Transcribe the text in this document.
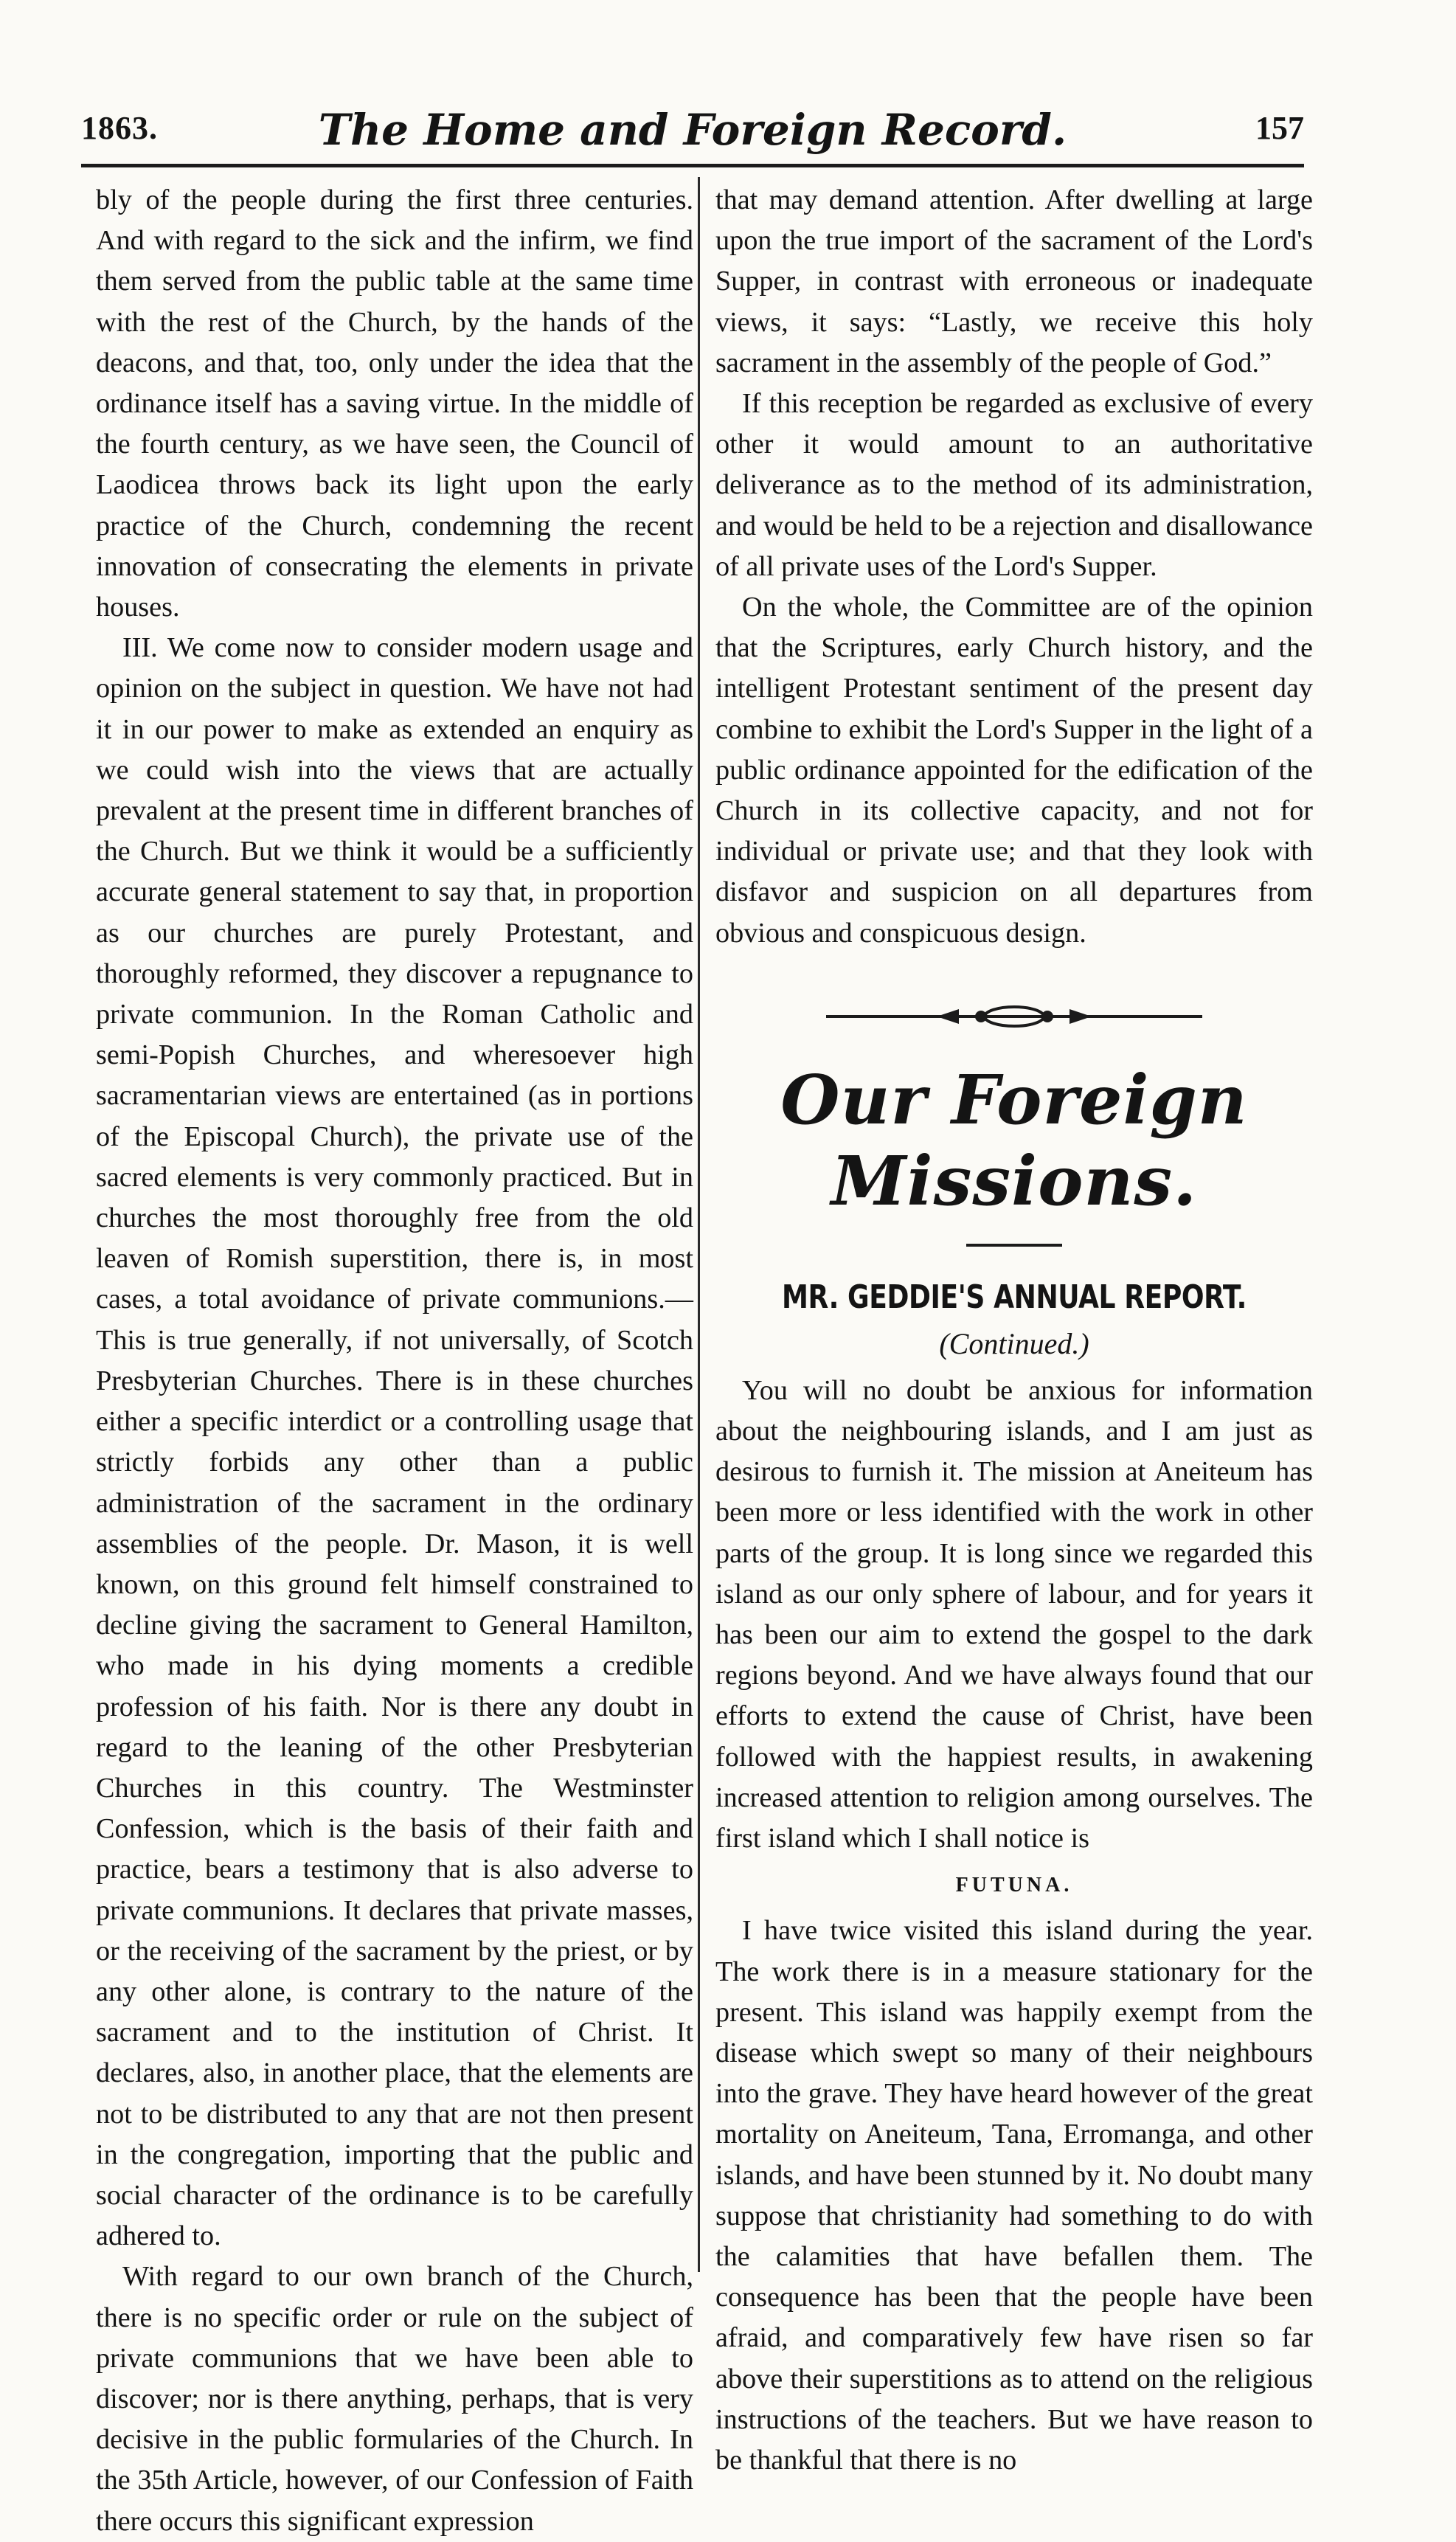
1863.	The Home and Foreign Record.	157

bly of the people during the first three centuries. And with regard to the sick and the infirm, we find them served from the public table at the same time with the rest of the Church, by the hands of the deacons, and that, too, only under the idea that the ordinance itself has a saving virtue. In the middle of the fourth century, as we have seen, the Council of Laodicea throws back its light upon the early practice of the Church, condemning the recent innovation of consecrating the elements in private houses.

III. We come now to consider modern usage and opinion on the subject in question. We have not had it in our power to make as extended an enquiry as we could wish into the views that are actually prevalent at the present time in different branches of the Church. But we think it would be a sufficiently accurate general statement to say that, in proportion as our churches are purely Protestant, and thoroughly reformed, they discover a repugnance to private communion. In the Roman Catholic and semi-Popish Churches, and wheresoever high sacramentarian views are entertained (as in portions of the Episcopal Church), the private use of the sacred elements is very commonly practiced. But in churches the most thoroughly free from the old leaven of Romish superstition, there is, in most cases, a total avoidance of private communions.—This is true generally, if not universally, of Scotch Presbyterian Churches. There is in these churches either a specific interdict or a controlling usage that strictly forbids any other than a public administration of the sacrament in the ordinary assemblies of the people. Dr. Mason, it is well known, on this ground felt himself constrained to decline giving the sacrament to General Hamilton, who made in his dying moments a credible profession of his faith. Nor is there any doubt in regard to the leaning of the other Presbyterian Churches in this country. The Westminster Confession, which is the basis of their faith and practice, bears a testimony that is also adverse to private communions. It declares that private masses, or the receiving of the sacrament by the priest, or by any other alone, is contrary to the nature of the sacrament and to the institution of Christ. It declares, also, in another place, that the elements are not to be distributed to any that are not then present in the congregation, importing that the public and social character of the ordinance is to be carefully adhered to.

With regard to our own branch of the Church, there is no specific order or rule on the subject of private communions that we have been able to discover; nor is there anything, perhaps, that is very decisive in the public formularies of the Church. In the 35th Article, however, of our Confession of Faith there occurs this significant expression

that may demand attention. After dwelling at large upon the true import of the sacrament of the Lord's Supper, in contrast with erroneous or inadequate views, it says: “Lastly, we receive this holy sacrament in the assembly of the people of God.”

If this reception be regarded as exclusive of every other it would amount to an authoritative deliverance as to the method of its administration, and would be held to be a rejection and disallowance of all private uses of the Lord's Supper.

On the whole, the Committee are of the opinion that the Scriptures, early Church history, and the intelligent Protestant sentiment of the present day combine to exhibit the Lord's Supper in the light of a public ordinance appointed for the edification of the Church in its collective capacity, and not for individual or private use; and that they look with disfavor and suspicion on all departures from obvious and conspicuous design.

Our Foreign Missions.
MR. GEDDIE'S ANNUAL REPORT.
(Continued.)

You will no doubt be anxious for information about the neighbouring islands, and I am just as desirous to furnish it. The mission at Aneiteum has been more or less identified with the work in other parts of the group. It is long since we regarded this island as our only sphere of labour, and for years it has been our aim to extend the gospel to the dark regions beyond. And we have always found that our efforts to extend the cause of Christ, have been followed with the happiest results, in awakening increased attention to religion among ourselves. The first island which I shall notice is

FUTUNA.

I have twice visited this island during the year. The work there is in a measure stationary for the present. This island was happily exempt from the disease which swept so many of their neighbours into the grave. They have heard however of the great mortality on Aneiteum, Tana, Erromanga, and other islands, and have been stunned by it. No doubt many suppose that christianity had something to do with the calamities that have befallen them. The consequence has been that the people have been afraid, and comparatively few have risen so far above their superstitions as to attend on the religious instructions of the teachers. But we have reason to be thankful that there is no
